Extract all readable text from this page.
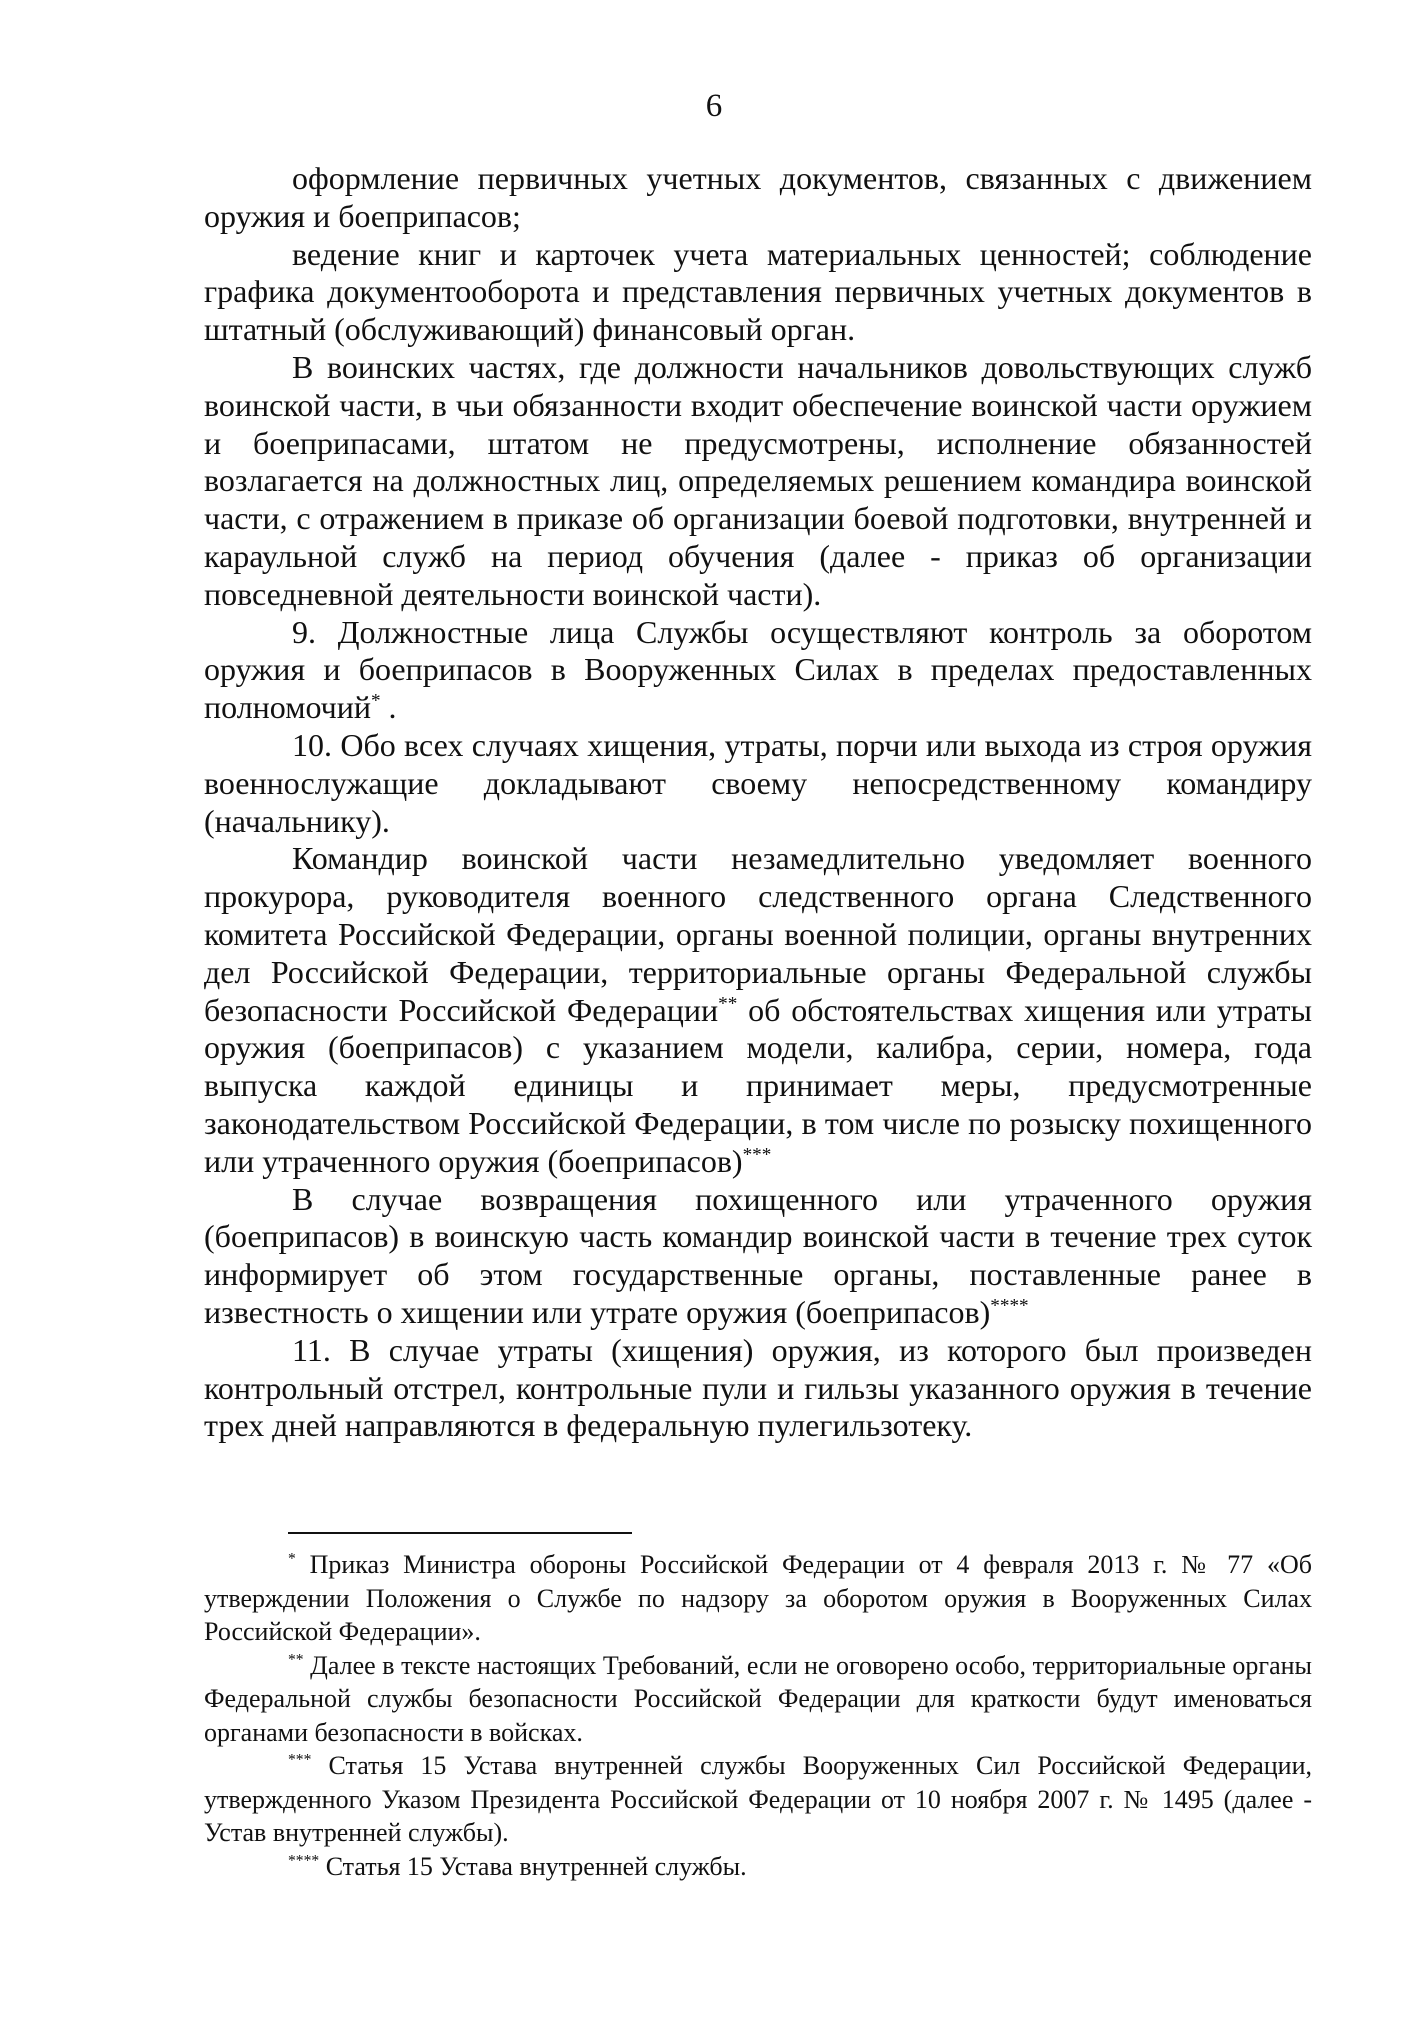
6

оформление первичных учетных документов, связанных с движением оружия и боеприпасов;

ведение книг и карточек учета материальных ценностей; соблюдение графика документооборота и представления первичных учетных документов в штатный (обслуживающий) финансовый орган.

В воинских частях, где должности начальников довольствующих служб воинской части, в чьи обязанности входит обеспечение воинской части оружием и боеприпасами, штатом не предусмотрены, исполнение обязанностей возлагается на должностных лиц, определяемых решением командира воинской части, с отражением в приказе об организации боевой подготовки, внутренней и караульной служб на период обучения (далее - приказ об организации повседневной деятельности воинской части).

9. Должностные лица Службы осуществляют контроль за оборотом оружия и боеприпасов в Вооруженных Силах в пределах предоставленных полномочий* .

10. Обо всех случаях хищения, утраты, порчи или выхода из строя оружия военнослужащие докладывают своему непосредственному командиру (начальнику).

Командир воинской части незамедлительно уведомляет военного прокурора, руководителя военного следственного органа Следственного комитета Российской Федерации, органы военной полиции, органы внутренних дел Российской Федерации, территориальные органы Федеральной службы безопасности Российской Федерации** об обстоятельствах хищения или утраты оружия (боеприпасов) с указанием модели, калибра, серии, номера, года выпуска каждой единицы и принимает меры, предусмотренные законодательством Российской Федерации, в том числе по розыску похищенного или утраченного оружия (боеприпасов)***

В случае возвращения похищенного или утраченного оружия (боеприпасов) в воинскую часть командир воинской части в течение трех суток информирует об этом государственные органы, поставленные ранее в известность о хищении или утрате оружия (боеприпасов)****

11. В случае утраты (хищения) оружия, из которого был произведен контрольный отстрел, контрольные пули и гильзы указанного оружия в течение трех дней направляются в федеральную пулегильзотеку.

* Приказ Министра обороны Российской Федерации от 4 февраля 2013 г. № 77 «Об утверждении Положения о Службе по надзору за оборотом оружия в Вооруженных Силах Российской Федерации».

** Далее в тексте настоящих Требований, если не оговорено особо, территориальные органы Федеральной службы безопасности Российской Федерации для краткости будут именоваться органами безопасности в войсках.

*** Статья 15 Устава внутренней службы Вооруженных Сил Российской Федерации, утвержденного Указом Президента Российской Федерации от 10 ноября 2007 г. № 1495 (далее - Устав внутренней службы).

**** Статья 15 Устава внутренней службы.
